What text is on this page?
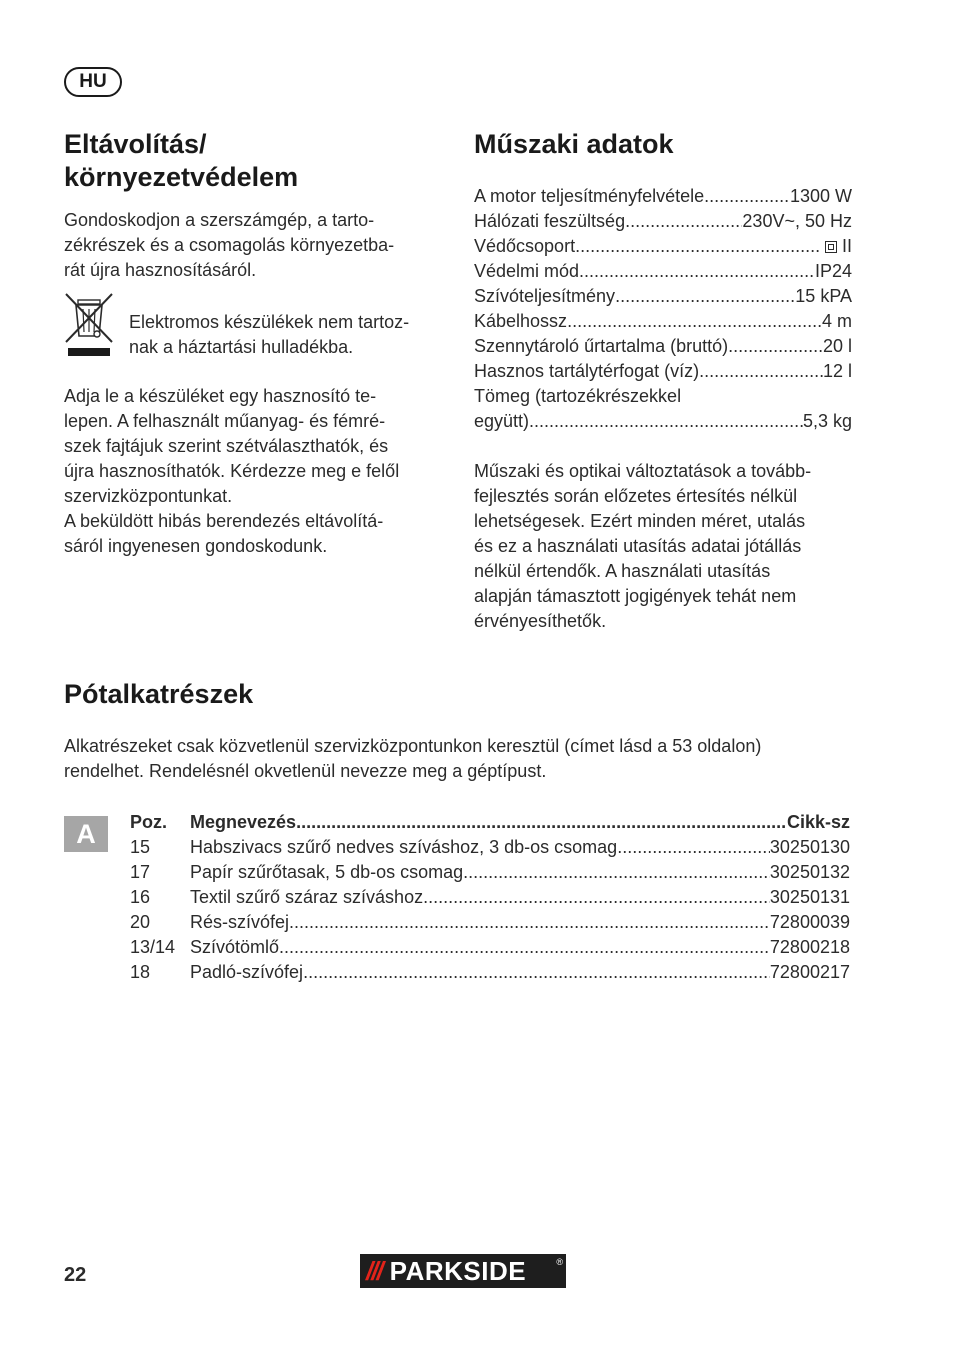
HU
Eltávolítás/
környezetvédelem
Gondoskodjon a szerszámgép, a tarto-
zékrészek és a csomagolás környezetba-
rát újra hasznosításáról.
Elektromos készülékek nem tartoz-
nak a háztartási hulladékba.
Adja le a készüléket egy hasznosító te-
lepen. A felhasznált műanyag- és fémré-
szek fajtájuk szerint szétválaszthatók, és
újra hasznosíthatók. Kérdezze meg e felől
szervizközpontunkat.
A beküldött hibás berendezés eltávolítá-
sáról ingyenesen gondoskodunk.
Műszaki adatok
A motor teljesítményfelvétele .....	1300 W
Hálózati feszültség .....	230V~, 50 Hz
Védőcsoport .....	II
Védelmi mód .....	IP24
Szívóteljesítmény .....	15 kPA
Kábelhossz .....	4 m
Szennytároló űrtartalma (bruttó) .....	20 l
Hasznos tartálytérfogat (víz) .....	12 l
Tömeg (tartozékrészekkel
együtt) .....	5,3 kg
Műszaki és optikai változtatások a tovább-
fejlesztés során előzetes értesítés nélkül
lehetségesek. Ezért minden méret, utalás
és ez a használati utasítás adatai jótállás
nélkül értendők. A használati utasítás
alapján támasztott jogigények tehát nem
érvényesíthetők.
Pótalkatrészek
Alkatrészeket csak közvetlenül szervizközpontunkon keresztül (címet lásd a 53 oldalon)
rendelhet. Rendelésnél okvetlenül nevezze meg a géptípust.
A	Poz.	Megnevezés .....	Cikk-sz
15	Habszivacs szűrő nedves szíváshoz, 3 db-os csomag .....	30250130
17	Papír szűrőtasak, 5 db-os csomag .....	30250132
16	Textil szűrő száraz szíváshoz .....	30250131
20	Rés-szívófej .....	72800039
13/14 Szívótömlő .....	72800218
18	Padló-szívófej .....	72800217
22	/// PARKSIDE	®
